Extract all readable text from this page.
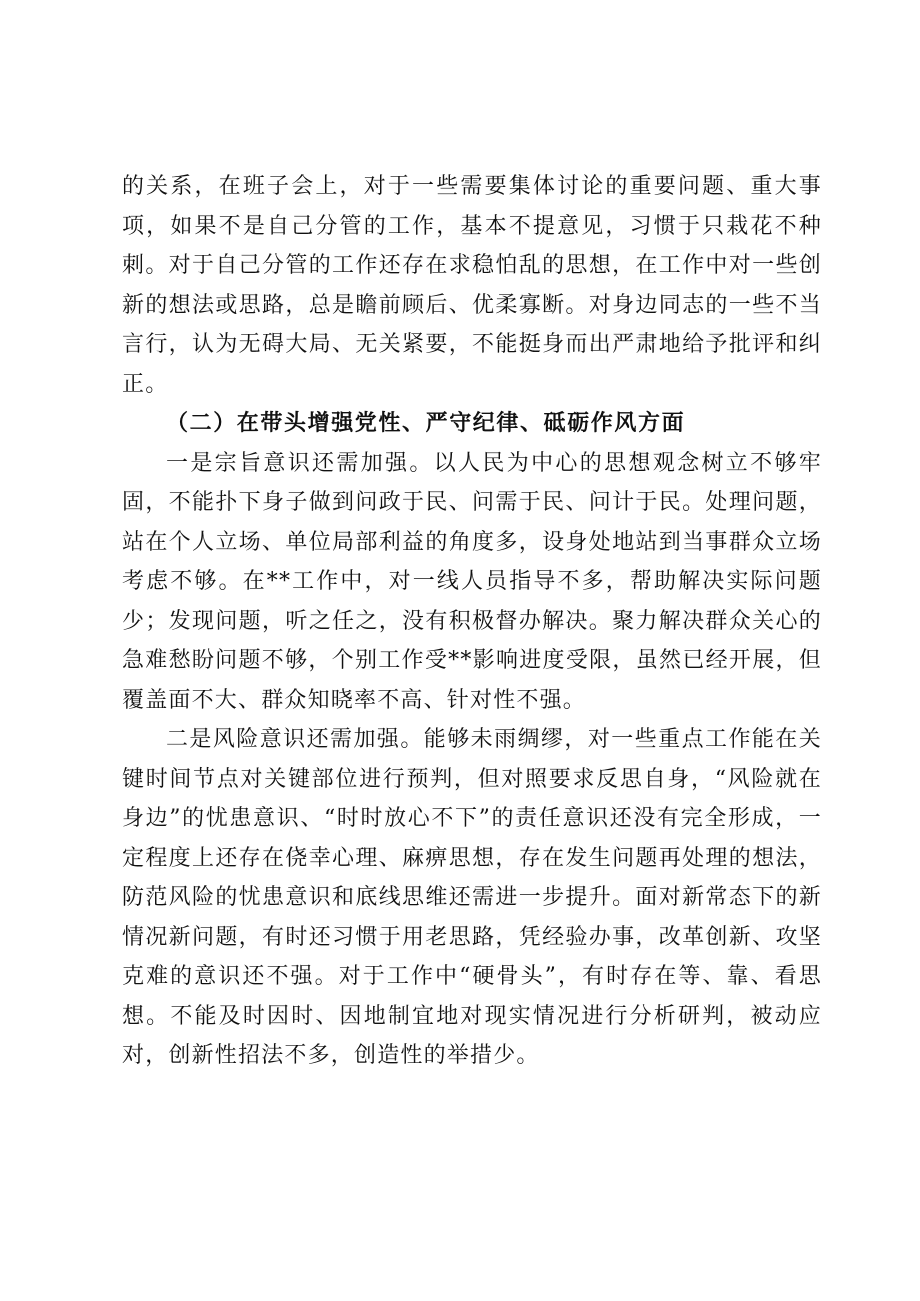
的关系，在班子会上，对于一些需要集体讨论的重要问题、重大事项，如果不是自己分管的工作，基本不提意见，习惯于只栽花不种刺。对于自己分管的工作还存在求稳怕乱的思想，在工作中对一些创新的想法或思路，总是瞻前顾后、优柔寡断。对身边同志的一些不当言行，认为无碍大局、无关紧要，不能挺身而出严肃地给予批评和纠正。

（二）在带头增强党性、严守纪律、砥砺作风方面

一是宗旨意识还需加强。以人民为中心的思想观念树立不够牢固，不能扑下身子做到问政于民、问需于民、问计于民。处理问题，站在个人立场、单位局部利益的角度多，设身处地站到当事群众立场考虑不够。在**工作中，对一线人员指导不多，帮助解决实际问题少；发现问题，听之任之，没有积极督办解决。聚力解决群众关心的急难愁盼问题不够，个别工作受**影响进度受限，虽然已经开展，但覆盖面不大、群众知晓率不高、针对性不强。

二是风险意识还需加强。能够未雨绸缪，对一些重点工作能在关键时间节点对关键部位进行预判，但对照要求反思自身，“风险就在身边”的忧患意识、“时时放心不下”的责任意识还没有完全形成，一定程度上还存在侥幸心理、麻痹思想，存在发生问题再处理的想法，防范风险的忧患意识和底线思维还需进一步提升。面对新常态下的新情况新问题，有时还习惯于用老思路，凭经验办事，改革创新、攻坚克难的意识还不强。对于工作中“硬骨头”，有时存在等、靠、看思想。不能及时因时、因地制宜地对现实情况进行分析研判，被动应对，创新性招法不多，创造性的举措少。
